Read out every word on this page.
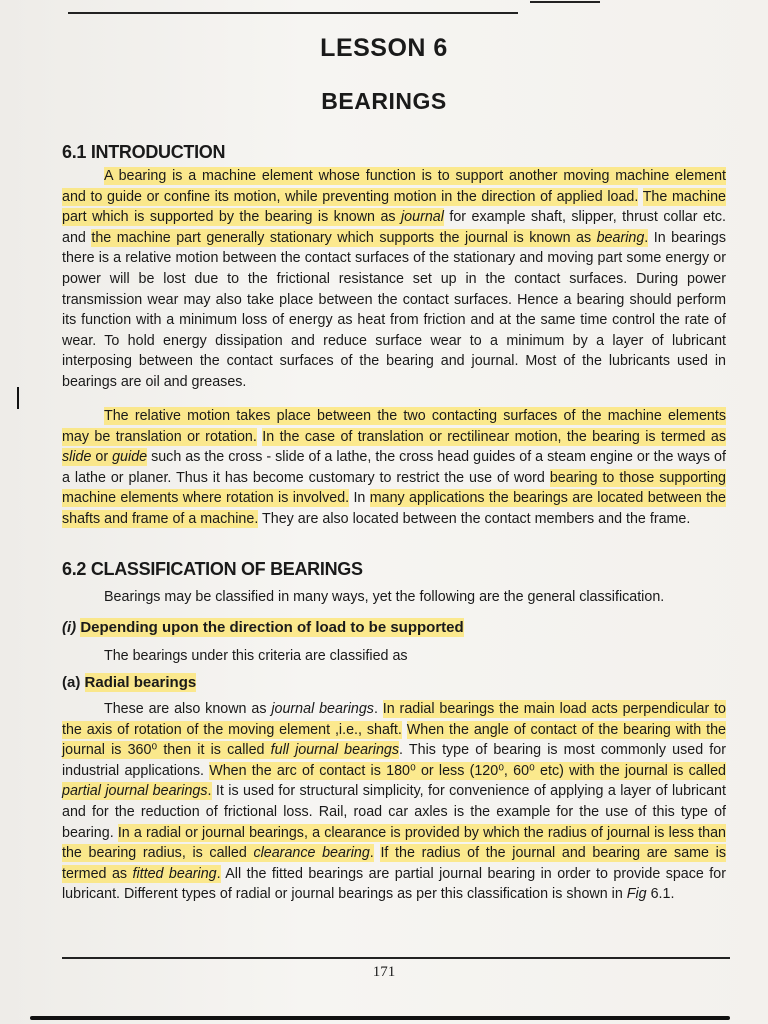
LESSON 6
BEARINGS
6.1 INTRODUCTION

A bearing is a machine element whose function is to support another moving machine element and to guide or confine its motion, while preventing motion in the direction of applied load. The machine part which is supported by the bearing is known as journal for example shaft, slipper, thrust collar etc. and the machine part generally stationary which supports the journal is known as bearing. In bearings there is a relative motion between the contact surfaces of the stationary and moving part some energy or power will be lost due to the frictional resistance set up in the contact surfaces. During power transmission wear may also take place between the contact surfaces. Hence a bearing should perform its function with a minimum loss of energy as heat from friction and at the same time control the rate of wear. To hold energy dissipation and reduce surface wear to a minimum by a layer of lubricant interposing between the contact surfaces of the bearing and journal. Most of the lubricants used in bearings are oil and greases.

The relative motion takes place between the two contacting surfaces of the machine elements may be translation or rotation. In the case of translation or rectilinear motion, the bearing is termed as slide or guide such as the cross - slide of a lathe, the cross head guides of a steam engine or the ways of a lathe or planer. Thus it has become customary to restrict the use of word bearing to those supporting machine elements where rotation is involved. In many applications the bearings are located between the shafts and frame of a machine. They are also located between the contact members and the frame.

6.2 CLASSIFICATION OF BEARINGS
Bearings may be classified in many ways, yet the following are the general classification.
(i) Depending upon the direction of load to be supported
The bearings under this criteria are classified as
(a) Radial bearings

These are also known as journal bearings. In radial bearings the main load acts perpendicular to the axis of rotation of the moving element ,i.e., shaft. When the angle of contact of the bearing with the journal is 360⁰ then it is called full journal bearings. This type of bearing is most commonly used for industrial applications. When the arc of contact is 180⁰ or less (120⁰, 60⁰ etc) with the journal is called partial journal bearings. It is used for structural simplicity, for convenience of applying a layer of lubricant and for the reduction of frictional loss. Rail, road car axles is the example for the use of this type of bearing. In a radial or journal bearings, a clearance is provided by which the radius of journal is less than the bearing radius, is called clearance bearing. If the radius of the journal and bearing are same is termed as fitted bearing. All the fitted bearings are partial journal bearing in order to provide space for lubricant. Different types of radial or journal bearings as per this classification is shown in Fig 6.1.

171
